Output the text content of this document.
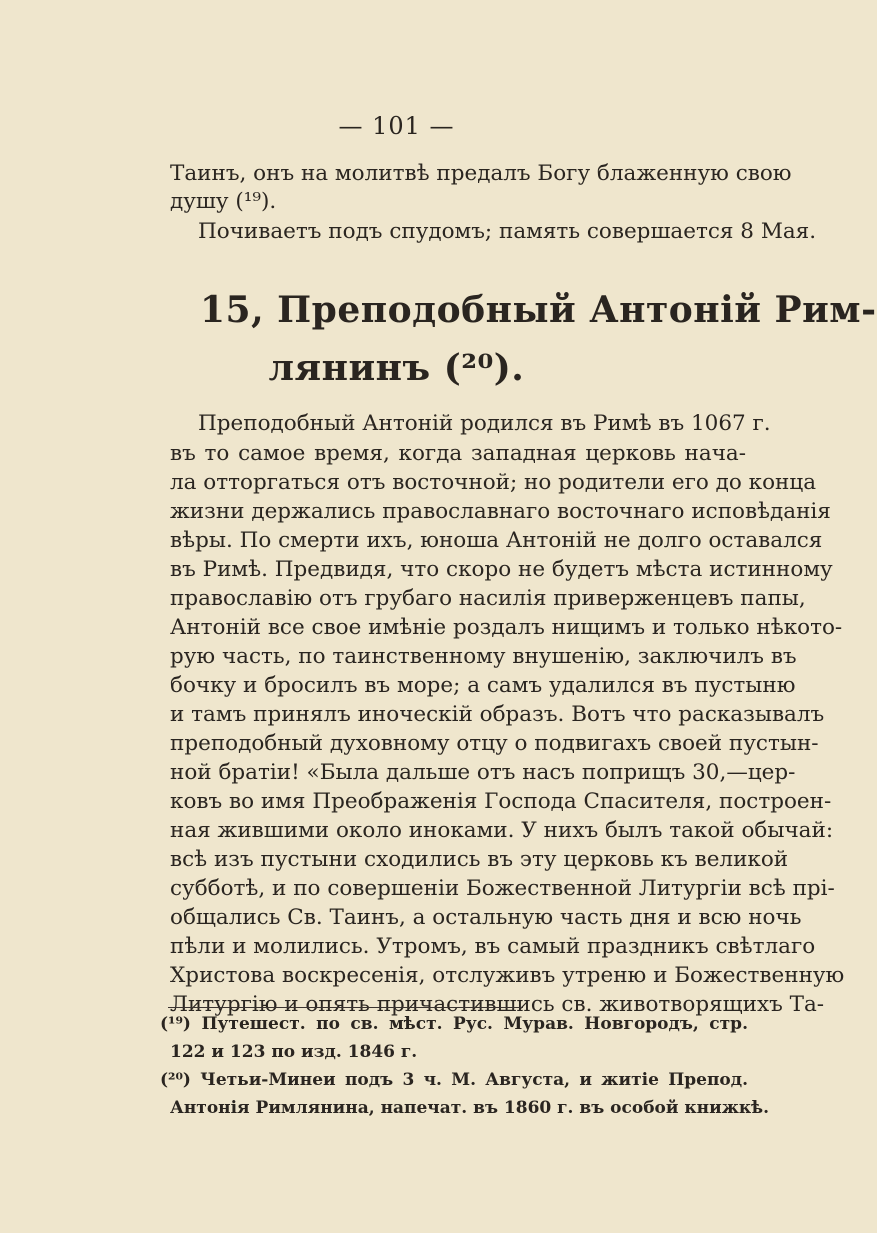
— 101 —
Таинъ, онъ на молитвѣ предалъ Богу блаженную свою
душу (¹⁹).
Почиваетъ подъ спудомъ; память совершается 8 Мая.
15, Преподобный Антоній Рим-
лянинъ (²⁰).
Преподобный Антоній родился въ Римѣ въ 1067 г.
въ то самое время, когда западная церковь нача-
ла отторгаться отъ восточной; но родители его до конца
жизни держались православнаго восточнаго исповѣданія
вѣры. По смерти ихъ, юноша Антоній не долго оставался
въ Римѣ. Предвидя, что скоро не будетъ мѣста истинному
православію отъ грубаго насилія приверженцевъ папы,
Антоній все свое имѣніе роздалъ нищимъ и только нѣкото-
рую часть, по таинственному внушенію, заключилъ въ
бочку и бросилъ въ море; а самъ удалился въ пустыню
и тамъ принялъ иноческій образъ. Вотъ что расказывалъ
преподобный духовному отцу о подвигахъ своей пустын-
ной братіи! «Была дальше отъ насъ поприщъ 30,—цер-
ковъ во имя Преображенія Господа Спасителя, построен-
ная жившими около иноками. У нихъ былъ такой обычай:
всѣ изъ пустыни сходились въ эту церковь къ великой
субботѣ, и по совершеніи Божественной Литургіи всѣ прі-
общались Св. Таинъ, а остальную часть дня и всю ночь
пѣли и молились. Утромъ, въ самый праздникъ свѣтлаго
Христова воскресенія, отслуживъ утреню и Божественную
Литургію и опять причастившись св. животворящихъ Та-
(¹⁹) Путешест. по св. мѣст. Рус. Мурав. Новгородъ, стр.
122 и 123 по изд. 1846 г.
(²⁰) Четьи-Минеи подъ 3 ч. М. Августа, и житіе Препод.
Антонія Римлянина, напечат. въ 1860 г. въ особой книжкѣ.
